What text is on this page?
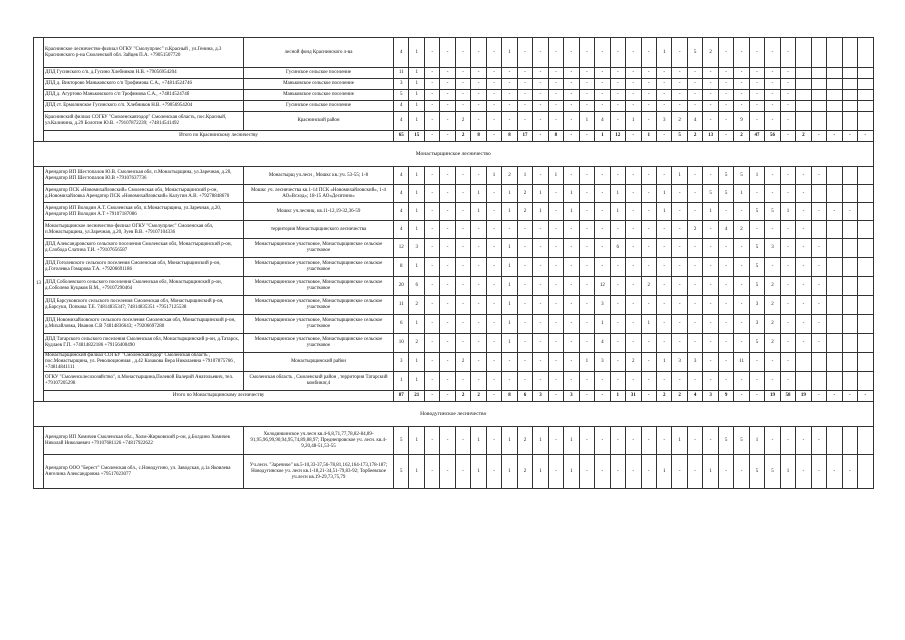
	Краснинское лесничество-филиал ОГКУ "Смолупрлес" п.Красный , ул.Генина, д.3 Краснинского р-на Смоленской обл. Зайцев П.А. +79051507720	лесной фонд Краснинского л-ва	4	1	-	-	-	-	-	1	-	-	-	-	-	-	-	-	-	1	-	5	2	-	-	-	-	-					
	ДПД Гусинского с/п. д.Гусино Хлебников Н.В. +79056954204	Гусинское сельское поселение	11	1	-	-	-	-	-	-	-	-	-	-	-	-	-	-	-	-	-	-	-	-	-	-	-	-					
	ДПД д. Викторово Маньковского с/п Трофимова С.А., +74814524746	Маньковское сельское поселение	3	1	-	-	-	-	-	-	-	-	-	-	-	-	-	-	-	-	-	-	-	-	-	-	-	-					
	ДПД д. Агуртово Маньковского с/п Трофимова С.А., +7481452474б	Маньковское сельское поселение	5	1	-	-	-	-	-	-	-	-	-	-	-	-	-	-	-	-	-	-	-	-	-	-	-	-					
	ДПД ст. Ермолинское Гусинского с/п. Хлебников Н.В. +79056954204	Гусинское сельское поселение	4	1	-	-	-	-	-	-	-	-	-	-	-	-	-	-	-	-	-	-	-	-	-	-	-	-					
	Краснинский филиал СОГБУ "Смоленскавтодор" Смоленская область, пос.Красный, ул.Калинина, д.29 Болотин Ю.В. +79107872239; +74814541492	Краснинский район	4	1	-	-	2	-	-	-	-	-	-	-	1	4	-	1	-	3	2	4	-	-	9	-	-	-					
	Итого по Краснинскому лесничеству		65	15	-	-	2	8	-	8	17	-	8	-	-	1	12	-	1	-	5	2	13	-	2	47	56	-	2	-	-	-	-
Монастырщинское лесничество																																	
13	Арендатор ИП Шестопалов Ю.В. Смоленская обл, п.Монастырщина, ул.Заречная, д.20, Арендатор ИП Шестопалов Ю.В +79107637736	Монастырщ уч.лесн , Мошкс кв.:уч. 53-55; 1-8	4	1	-	-	-	-	1	2	1	-	1	-	-	-	-	-	-	-	1	-	-	5	5	1	-	-	-	-			
	Арендатор ПСК «Новомихайловский» Смоленская обл, Монастырщинский р-он, д.Новомихайловка Арендатор ПСК «Новомихайловский» Калугин А.В. +79278848670	Мошкс уч. лесничества кв.1-14 ПСК «Новомихайловский», 1-4 АО«Всход»; 18-15 АО«Десятино»	4	1	-	-	-	1	-	1	2	1	-	1	-	-	1	-	-	1	-	-	5	5	1	-	-	-	-				
	Арендатор ИП Володин А.Т. Смоленская обл, п.Монастырщина, ул.Заречная, д.20, Арендатор ИП Володин А.Т +79107187086	Мошкс уч.лесниц. кв.11-12,19-32,36-59	4	1	-	-	-	1	-	1	2	1	-	1	-	-	1	-	-	1	-	-	1	-	-	5	5	1	-	-	-	-	
	Монастырщинское лесничество-филиал ОГКУ "Смолупрлес" Смоленская обл, п.Монастырщина, ул.Заречная, д.20, Зуев В.В. +79107104336	территория Монастырщинского лесничества	4	1	-	-	-	-	-	-	-	-	-	-	-	-	-	-	-	-	-	2	-	4	2	-	-	-	-				
	ДПД Александровского сельского поселения Смоленская обл, Монастырщинский р-он, д.Слобода Слатина Т.И. +79107656587	Монастырщинское участковое, Монастырщинское сельское участковое	12	3	-	-	-	-	-	1	-	-	-	-	-	-	6	-	-	-	-	-	-	-	-	5	3	-	-	-			
	ДПД Гоголевского сельского поселения Смоленская обл, Монастырщинский р-он, д.Гоголевка Гомарова Т.А. +79206691186	Монастырщинское участковое, Монастырщинское сельское участковое	8	1	-	-	-	-	-	1	-	-	-	-	-	-	-	-	-	-	-	-	-	-	-	5	-	-	-	-			
	ДПД Соболевского сельского поселения Смоленская обл, Монастырщинский р-он, д.Соболево Куцаков В.М., +79107290464	Монастырщинское участковое, Монастырщинское сельское участковое	20	6	-	-	-	-	-	1	-	-	-	-	-	12	-	-	2	-	-	-	-	-	-	5	2	-	-	-			
	ДПД Барсуковского сельского поселения Смоленская обл, Монастырщинский р-он, д.Барсуки, Попкова Т.Е. 74814835347; 74814835351 +79517125538	Монастырщинское участковое, Монастырщинское сельское участковое	11	2	-	-	-	-	-	1	-	-	-	-	-	3	-	-	-	-	-	-	-	-	-	3	2	-	-	-			
	ДПД Новомихайловского сельского поселения Смоленская обл, Монастырщинский р-он, д.Михайловка, Иванов С.В 74814836643; +79206697280	Монастырщинское участковое, Монастырщинское сельское участковое	6	1	-	-	-	-	-	1	-	-	-	-	-	1	-	-	1	-	-	-	-	-	-	3	2	-	-	-			
	ДПД Татарского сельского поселения Смоленская обл, Монастырщинский р-он, д.Татарск, Кудлаев Г.П. +74814822186 +79156400490	Монастырщинское участковое, Монастырщинское сельское участковое	10	2	-	-	-	-	-	1	-	-	-	-	-	4	-	-	-	-	-	-	-	-	-	5	2	-	-	-			
	Монастырщинский филиал СОГБУ "Смоленскавтодор" Смоленская область , пос.Монастырщина, ул. Революционная , д.42 Казакова Вера Николаевна +79107875766 , +74814841111	Монастырщинский район	3	1	-	-	2	-	-	-	-	-	-	-	1	3	-	2	-	1	3	3	-	-	11	-	-	-					
	ОГКУ "Смоленсклесохозяйство", п.Монастырщина,Полевой Валерий Анатольевич, тел. +79107205298	Смоленская область , Смоленский район , территория Татарский комбинат,4	1	1	-	-	-	-	-	-	-	-	-	-	-	-	-	-	-	-	-	-	-	-	-	-	-	-					
	Итого по Монастырщинскому лесничеству		87	21	-	-	2	2	-	8	6	3	-	3	-	-	1	31	-	2	2	4	3	9	-	-	19	58	19	-	-	-	-
Новодугинское лесничество																																	
	Арендатор ИП Хомичев Смоленская обл., Холм-Жирковский р-он, д.Болдино Хомичев Николай Николаевич +79107681126 +74817922622	Холодинкинское уч.лесн кв.4-6,8,71,77,78,82-84,89-91,95,96,99,90,94,95,74,89,88,97; Преднепровское уч. лесн. кв.4-9,20,48-51,53-55	5	1	-	-	-	1	-	1	2	1	-	1	-	-	-	-	-	-	1	-	-	5	5	1	-	-	-	-			
	Арендатор ООО "Берест" Смоленская обл., с.Новодугино, ул. Заводская, д.1а Яковлева Ангелина Александровна +79517023077	Уч.лесн. "Заречное" кв.5-10,33-37,56-78,81,162,164-173,178-187; Новодугинское уч. лесн кв.1-18,21-34,51-79,83-92; Торбеевское уч.лесн кв.19-29,73,75,79	5	1	-	-	-	1	-	1	2	1	-	1	-	-	-	-	-	1	-	-	1	-	-	5	5	1	-	-	-	-	
